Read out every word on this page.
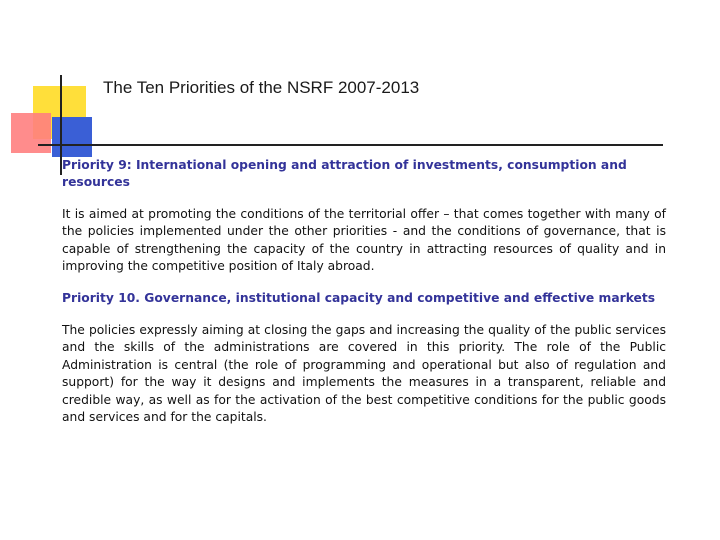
The Ten Priorities of the NSRF 2007-2013

Priority 9: International opening and attraction of investments, consumption and resources

It is aimed at promoting the conditions of the territorial offer – that comes together with many of the policies implemented under the other priorities - and the conditions of governance, that is capable of strengthening the capacity of the country in attracting resources of quality and in improving the competitive position of Italy abroad.

Priority 10. Governance, institutional capacity and competitive and effective markets

The policies expressly aiming at closing the gaps and increasing the quality of the public services and the skills of the administrations are covered in this priority. The role of the Public Administration is central (the role of programming and operational but also of regulation and support) for the way it designs and implements the measures in a transparent, reliable and credible way, as well as for the activation of the best competitive conditions for the public goods and services and for the capitals.
